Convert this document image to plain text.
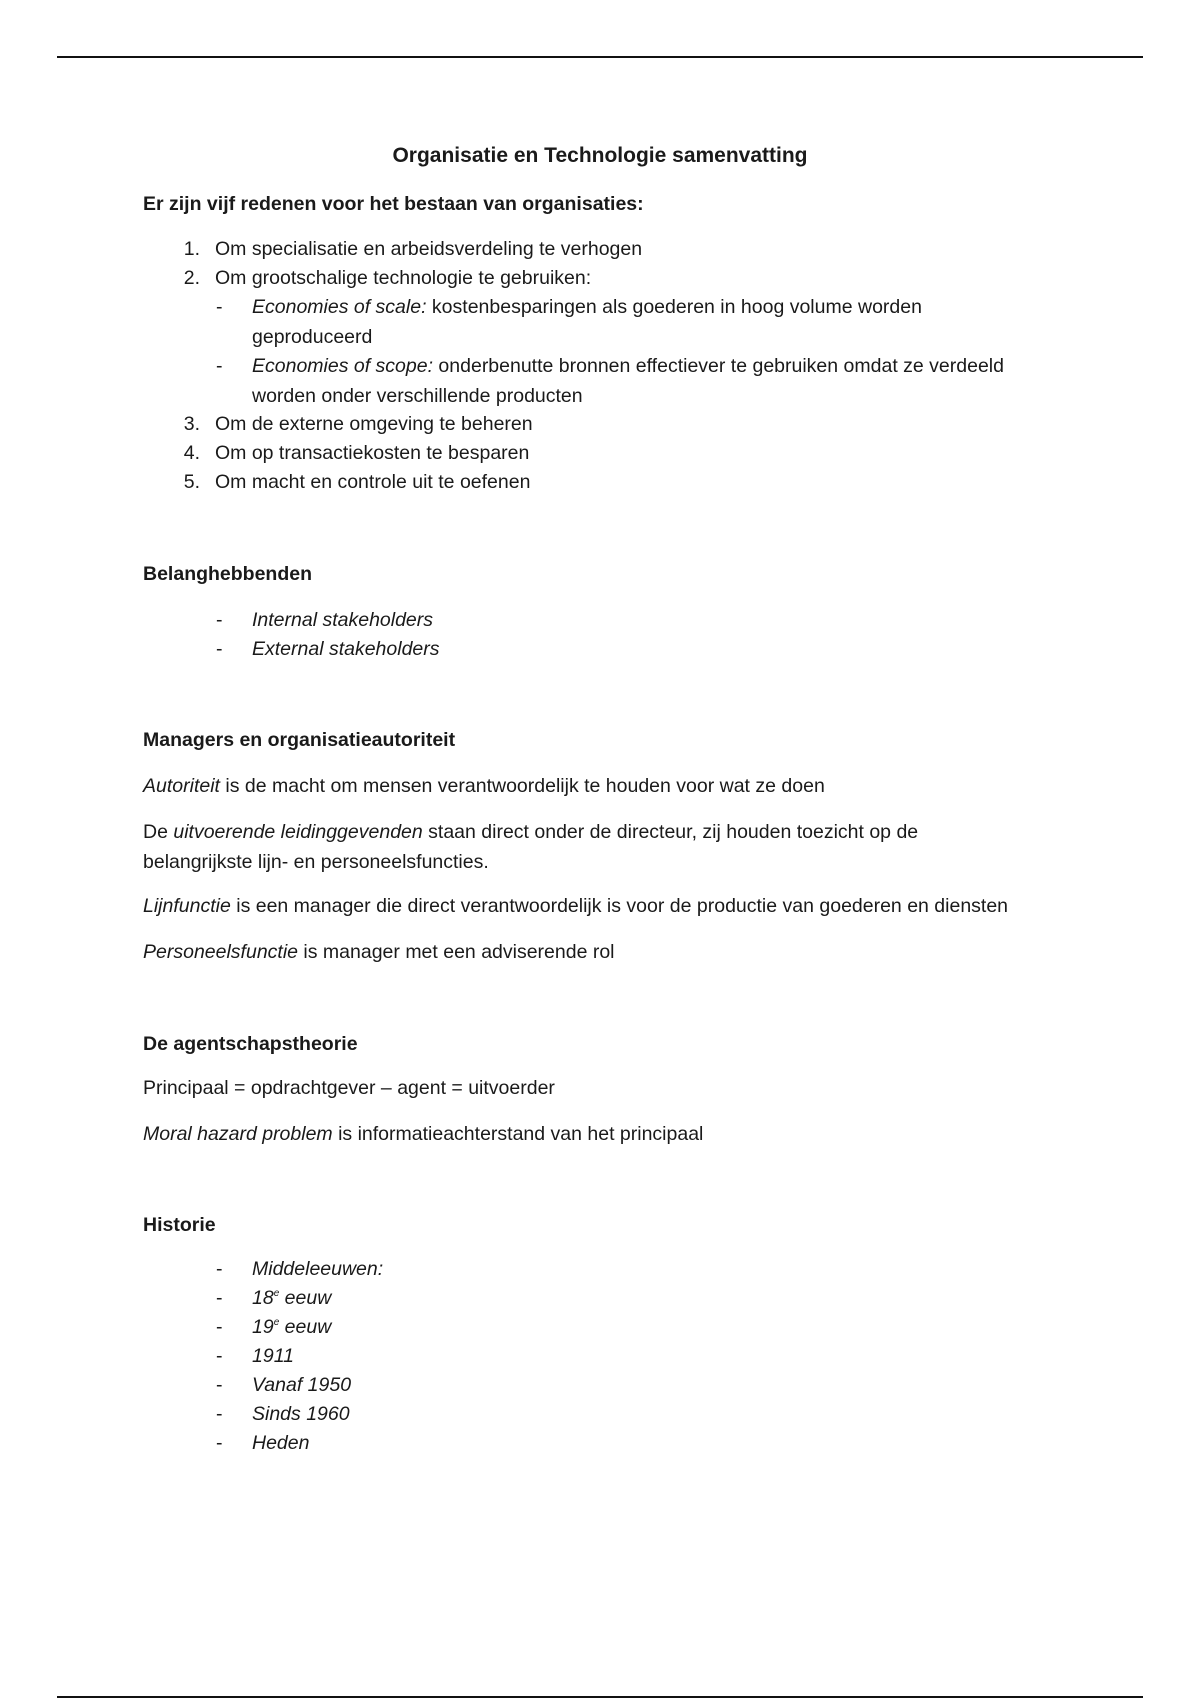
Organisatie en Technologie samenvatting
Er zijn vijf redenen voor het bestaan van organisaties:
1. Om specialisatie en arbeidsverdeling te verhogen
2. Om grootschalige technologie te gebruiken:
- Economies of scale: kostenbesparingen als goederen in hoog volume worden
geproduceerd
- Economies of scope: onderbenutte bronnen effectiever te gebruiken omdat ze verdeeld
worden onder verschillende producten
3. Om de externe omgeving te beheren
4. Om op transactiekosten te besparen
5. Om macht en controle uit te oefenen
Belanghebbenden
- Internal stakeholders
- External stakeholders
Managers en organisatieautoriteit
Autoriteit is de macht om mensen verantwoordelijk te houden voor wat ze doen
De uitvoerende leidinggevenden staan direct onder de directeur, zij houden toezicht op de
belangrijkste lijn- en personeelsfuncties.
Lijnfunctie is een manager die direct verantwoordelijk is voor de productie van goederen en diensten
Personeelsfunctie is manager met een adviserende rol
De agentschapstheorie
Principaal = opdrachtgever – agent = uitvoerder
Moral hazard problem is informatieachterstand van het principaal
Historie
- Middeleeuwen:
- 18e eeuw
- 19e eeuw
- 1911
- Vanaf 1950
- Sinds 1960
- Heden
